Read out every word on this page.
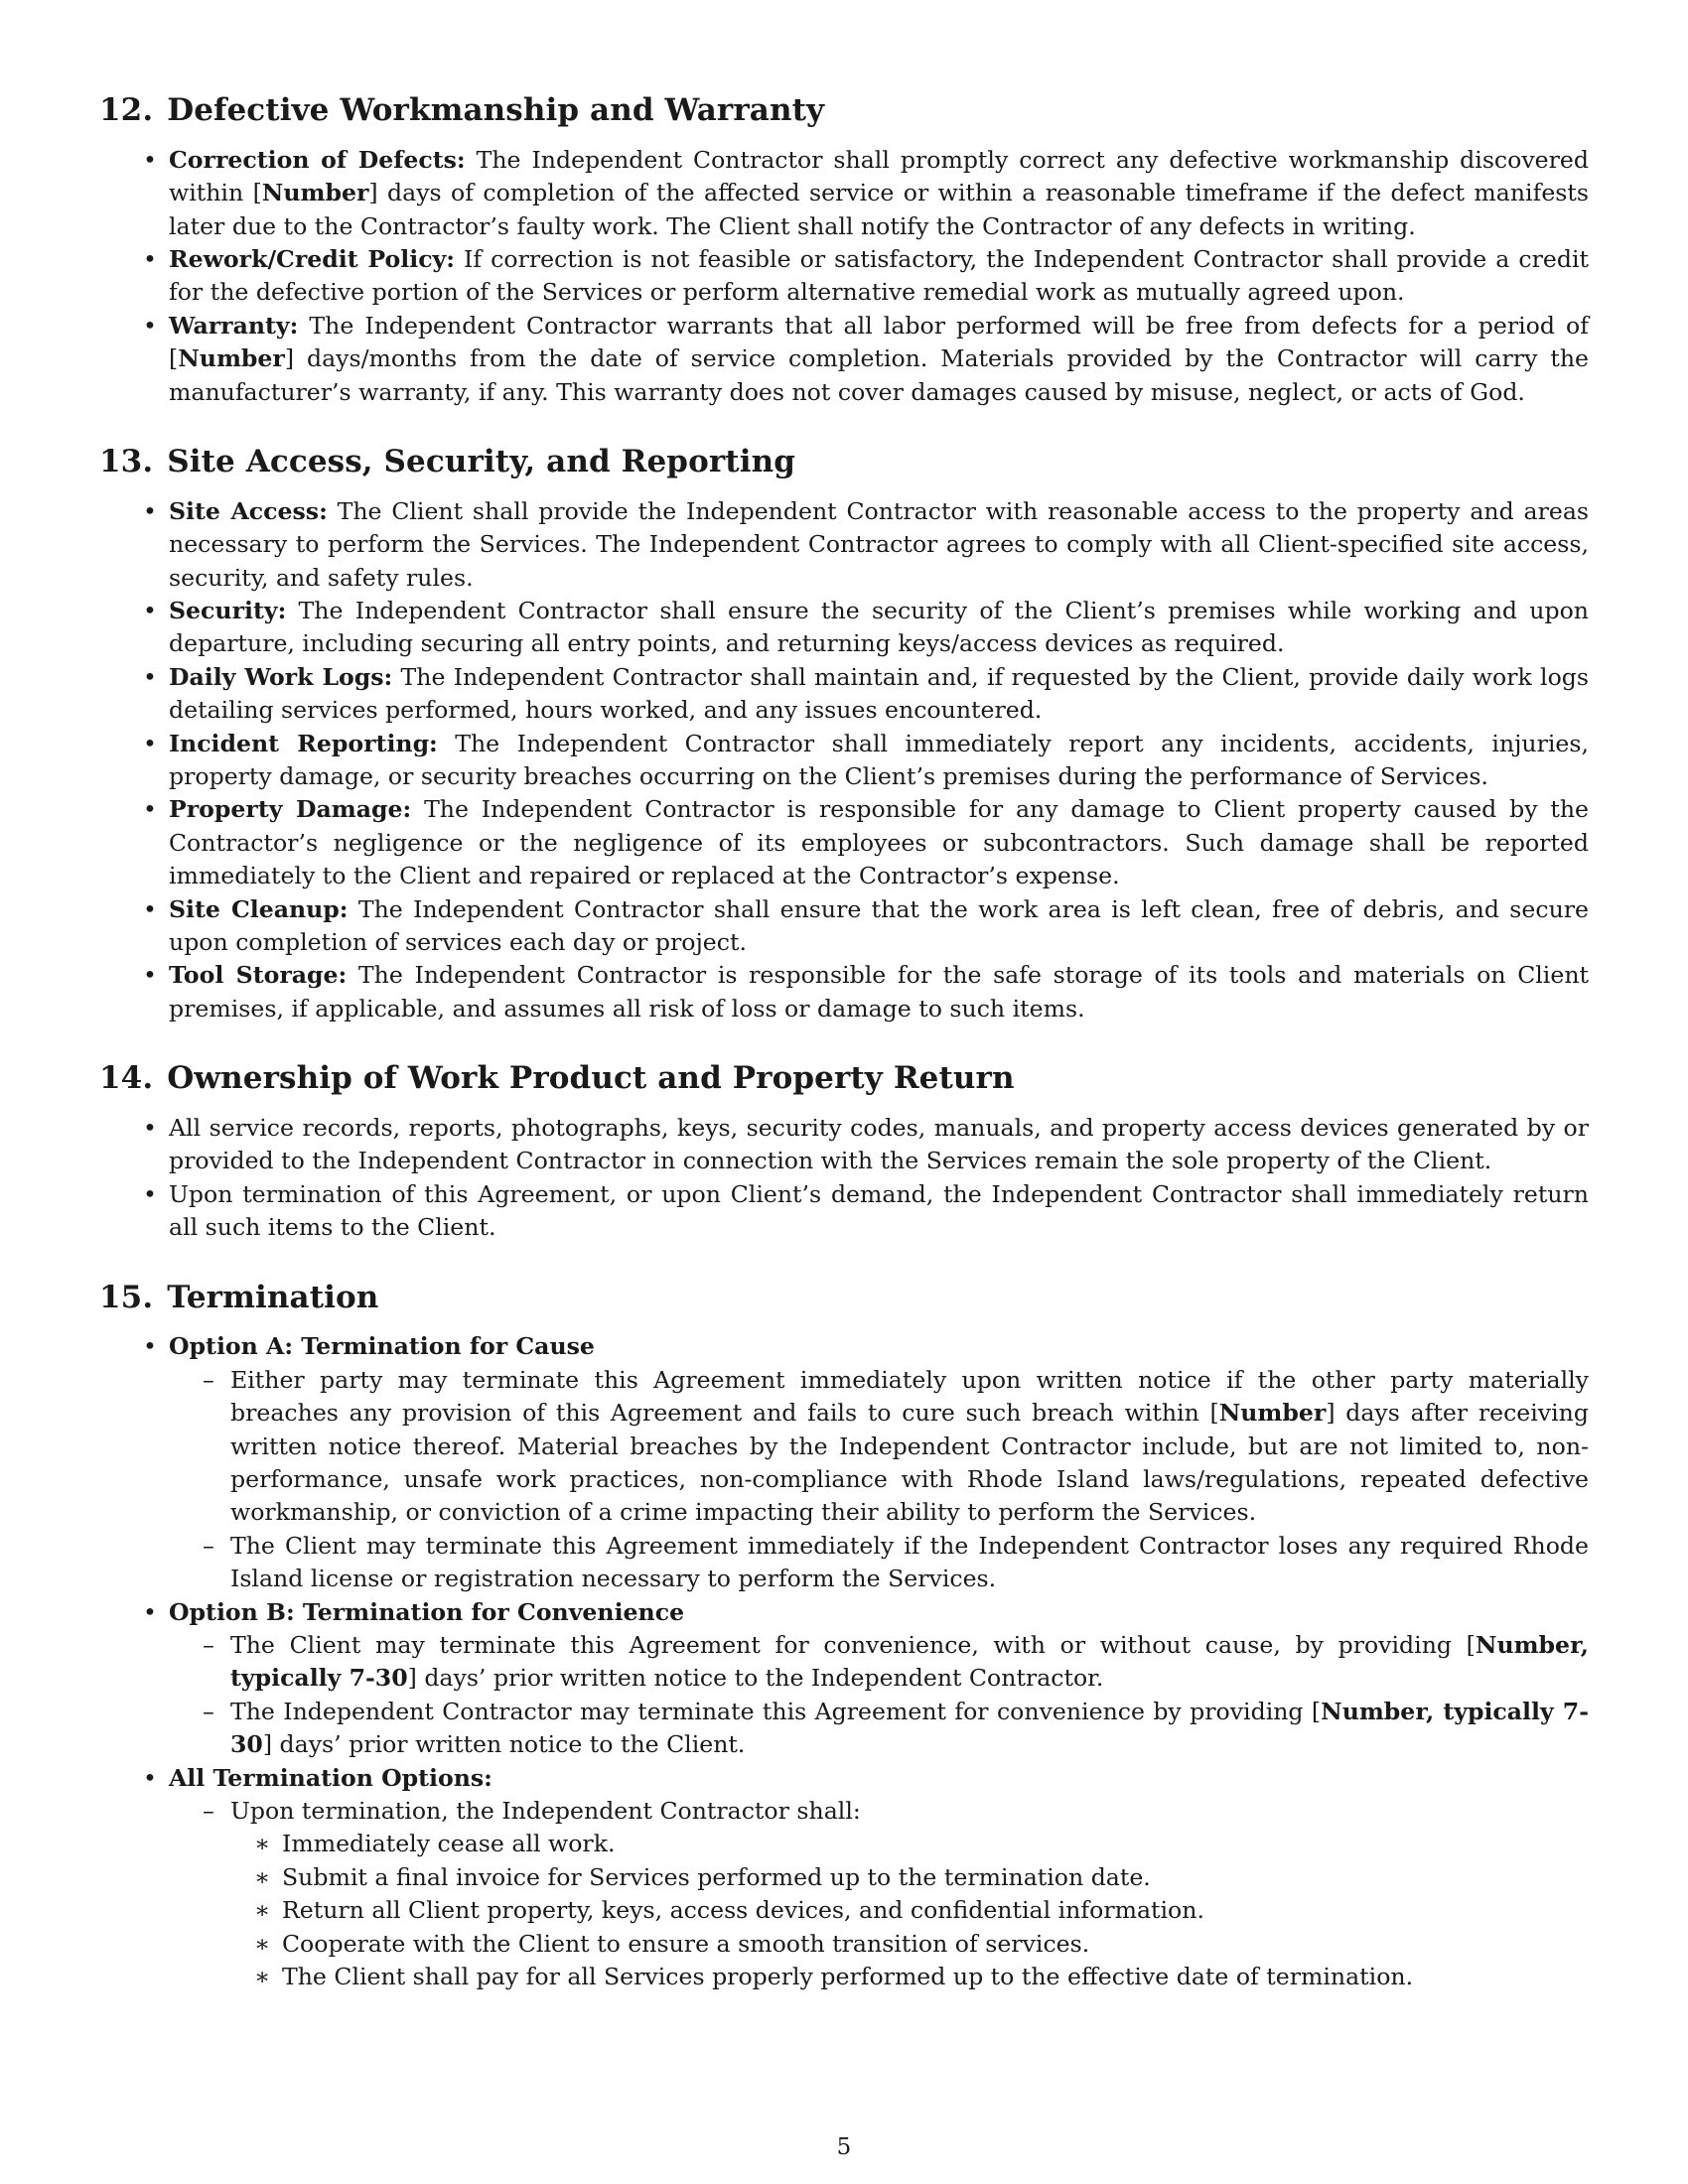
12. Defective Workmanship and Warranty
• Correction of Defects: The Independent Contractor shall promptly correct any defective workmanship discovered within [Number] days of completion of the affected service or within a reasonable timeframe if the defect manifests later due to the Contractor’s faulty work. The Client shall notify the Contractor of any defects in writing.
• Rework/Credit Policy: If correction is not feasible or satisfactory, the Independent Contractor shall provide a credit for the defective portion of the Services or perform alternative remedial work as mutually agreed upon.
• Warranty: The Independent Contractor warrants that all labor performed will be free from defects for a period of [Number] days/months from the date of service completion. Materials provided by the Contractor will carry the manufacturer’s warranty, if any. This warranty does not cover damages caused by misuse, neglect, or acts of God.
13. Site Access, Security, and Reporting
• Site Access: The Client shall provide the Independent Contractor with reasonable access to the property and areas necessary to perform the Services. The Independent Contractor agrees to comply with all Client-specified site access, security, and safety rules.
• Security: The Independent Contractor shall ensure the security of the Client’s premises while working and upon departure, including securing all entry points, and returning keys/access devices as required.
• Daily Work Logs: The Independent Contractor shall maintain and, if requested by the Client, provide daily work logs detailing services performed, hours worked, and any issues encountered.
• Incident Reporting: The Independent Contractor shall immediately report any incidents, accidents, injuries, property damage, or security breaches occurring on the Client’s premises during the performance of Services.
• Property Damage: The Independent Contractor is responsible for any damage to Client property caused by the Contractor’s negligence or the negligence of its employees or subcontractors. Such damage shall be reported immediately to the Client and repaired or replaced at the Contractor’s expense.
• Site Cleanup: The Independent Contractor shall ensure that the work area is left clean, free of debris, and secure upon completion of services each day or project.
• Tool Storage: The Independent Contractor is responsible for the safe storage of its tools and materials on Client premises, if applicable, and assumes all risk of loss or damage to such items.
14. Ownership of Work Product and Property Return
• All service records, reports, photographs, keys, security codes, manuals, and property access devices generated by or provided to the Independent Contractor in connection with the Services remain the sole property of the Client.
• Upon termination of this Agreement, or upon Client’s demand, the Independent Contractor shall immediately return all such items to the Client.
15. Termination
• Option A: Termination for Cause
– Either party may terminate this Agreement immediately upon written notice if the other party materially breaches any provision of this Agreement and fails to cure such breach within [Number] days after receiving written notice thereof. Material breaches by the Independent Contractor include, but are not limited to, non-performance, unsafe work practices, non-compliance with Rhode Island laws/regulations, repeated defective workmanship, or conviction of a crime impacting their ability to perform the Services.
– The Client may terminate this Agreement immediately if the Independent Contractor loses any required Rhode Island license or registration necessary to perform the Services.
• Option B: Termination for Convenience
– The Client may terminate this Agreement for convenience, with or without cause, by providing [Number, typically 7-30] days’ prior written notice to the Independent Contractor.
– The Independent Contractor may terminate this Agreement for convenience by providing [Number, typically 7-30] days’ prior written notice to the Client.
• All Termination Options:
– Upon termination, the Independent Contractor shall:
∗ Immediately cease all work.
∗ Submit a final invoice for Services performed up to the termination date.
∗ Return all Client property, keys, access devices, and confidential information.
∗ Cooperate with the Client to ensure a smooth transition of services.
∗ The Client shall pay for all Services properly performed up to the effective date of termination.
5
